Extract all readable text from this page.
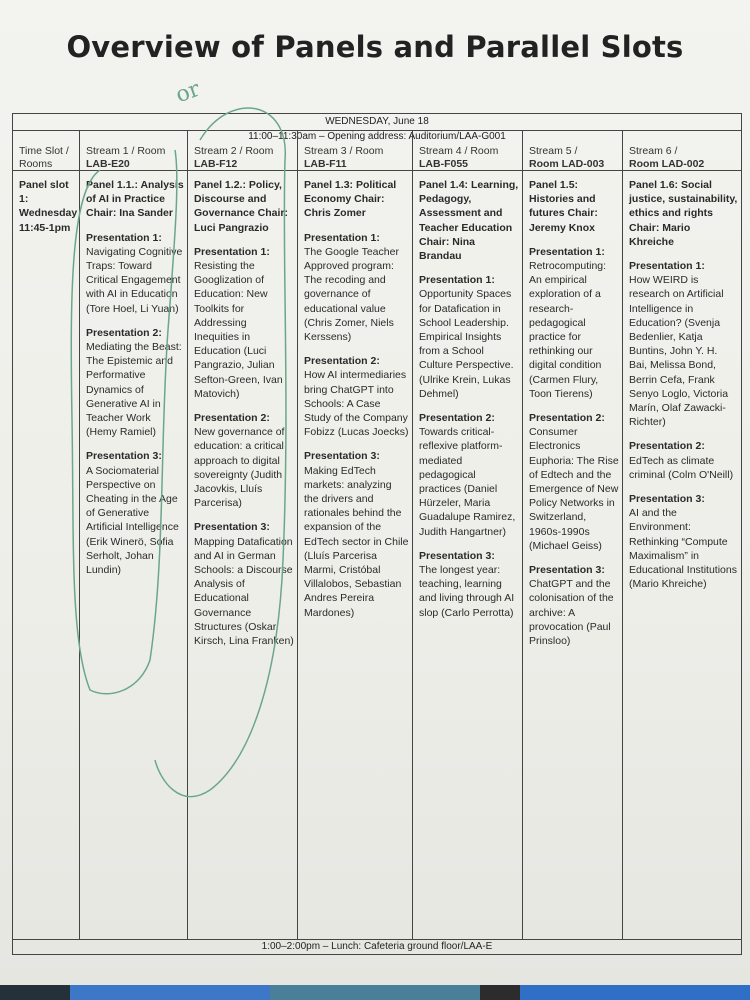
Overview of Panels and Parallel Slots
or
WEDNESDAY, June 18
11:00–11:30am – Opening address: Auditorium/LAA-G001
Time Slot / Rooms
Panel slot 1: Wednesday 11:45-1pm
Stream 1 / Room
LAB-E20
Panel 1.1.: Analysis of AI in Practice Chair: Ina Sander
Presentation 1:
Navigating Cognitive Traps: Toward Critical Engagement with AI in Education (Tore Hoel, Li Yuan)
Presentation 2:
Mediating the Beast: The Epistemic and Performative Dynamics of Generative AI in Teacher Work (Hemy Ramiel)
Presentation 3:
A Sociomaterial Perspective on Cheating in the Age of Generative Artificial Intelligence (Erik Winerö, Sofia Serholt, Johan Lundin)
Stream 2 / Room
LAB-F12
Panel 1.2.: Policy, Discourse and Governance Chair: Luci Pangrazio
Presentation 1:
Resisting the Googlization of Education: New Toolkits for Addressing Inequities in Education (Luci Pangrazio, Julian Sefton-Green, Ivan Matovich)
Presentation 2:
New governance of education: a critical approach to digital sovereignty (Judith Jacovkis, Lluís Parcerisa)
Presentation 3:
Mapping Datafication and AI in German Schools: a Discourse Analysis of Educational Governance Structures (Oskar Kirsch, Lina Franken)
Stream 3 / Room
LAB-F11
Panel 1.3: Political Economy Chair: Chris Zomer
Presentation 1:
The Google Teacher Approved program: The recoding and governance of educational value (Chris Zomer, Niels Kerssens)
Presentation 2:
How AI intermediaries bring ChatGPT into Schools: A Case Study of the Company Fobizz (Lucas Joecks)
Presentation 3:
Making EdTech markets: analyzing the drivers and rationales behind the expansion of the EdTech sector in Chile (Lluís Parcerisa Marmi, Cristóbal Villalobos, Sebastian Andres Pereira Mardones)
Stream 4 / Room
LAB-F055
Panel 1.4: Learning, Pedagogy, Assessment and Teacher Education Chair: Nina Brandau
Presentation 1:
Opportunity Spaces for Datafication in School Leadership. Empirical Insights from a School Culture Perspective. (Ulrike Krein, Lukas Dehmel)
Presentation 2:
Towards critical-reflexive platform-mediated pedagogical practices (Daniel Hürzeler, Maria Guadalupe Ramirez, Judith Hangartner)
Presentation 3:
The longest year: teaching, learning and living through AI slop (Carlo Perrotta)
Stream 5 /
Room LAD-003
Panel 1.5: Histories and futures Chair: Jeremy Knox
Presentation 1:
Retrocomputing: An empirical exploration of a research-pedagogical practice for rethinking our digital condition (Carmen Flury, Toon Tierens)
Presentation 2:
Consumer Electronics Euphoria: The Rise of Edtech and the Emergence of New Policy Networks in Switzerland, 1960s-1990s (Michael Geiss)
Presentation 3:
ChatGPT and the colonisation of the archive: A provocation (Paul Prinsloo)
Stream 6 /
Room LAD-002
Panel 1.6: Social justice, sustainability, ethics and rights Chair: Mario Khreiche
Presentation 1:
How WEIRD is research on Artificial Intelligence in Education? (Svenja Bedenlier, Katja Buntins, John Y. H. Bai, Melissa Bond, Berrin Cefa, Frank Senyo Loglo, Victoria Marín, Olaf Zawacki-Richter)
Presentation 2:
EdTech as climate criminal (Colm O'Neill)
Presentation 3:
AI and the Environment: Rethinking “Compute Maximalism” in Educational Institutions (Mario Khreiche)
1:00–2:00pm – Lunch: Cafeteria ground floor/LAA-E
